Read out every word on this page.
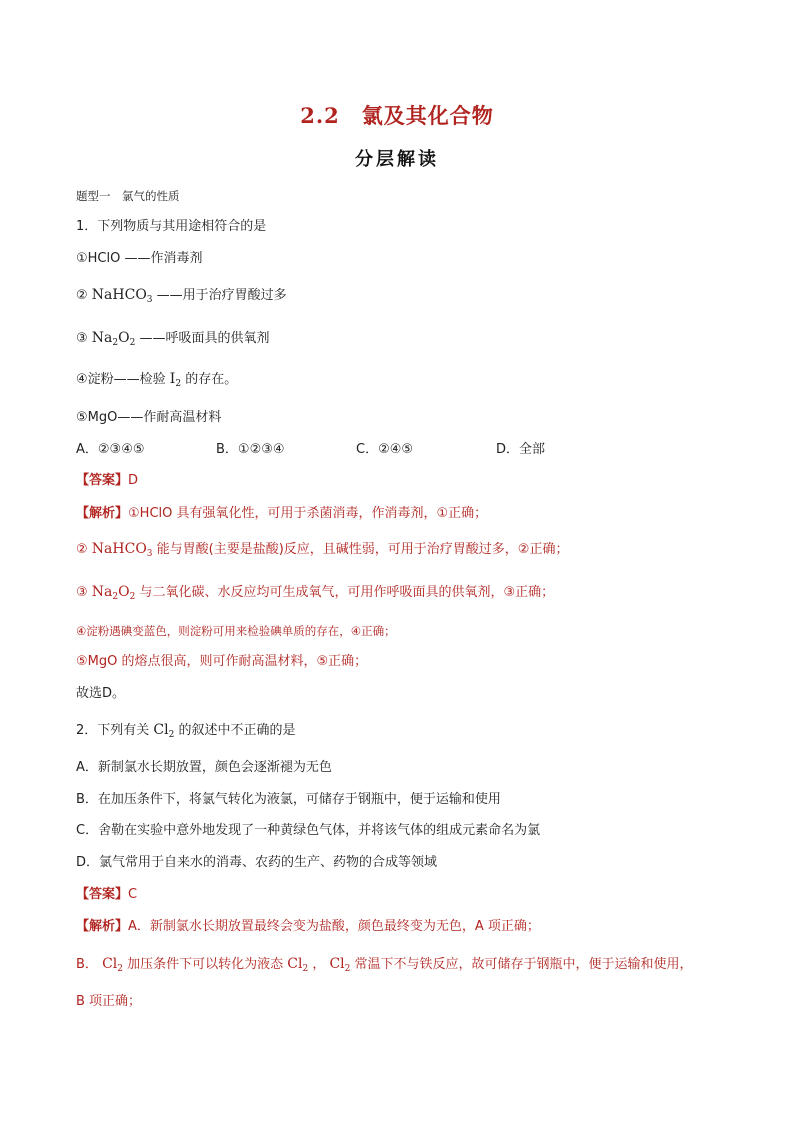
2.2 氯及其化合物
分层解读
题型一　氯气的性质
1．下列物质与其用途相符合的是
①HClO ——作消毒剂
② NaHCO$_3$ ——用于治疗胃酸过多
③ $Na_2O_2$ ——呼吸面具的供氧剂
④淀粉——检验 $I_2$ 的存在。
⑤MgO——作耐高温材料
A．②③④⑤	B．①②③④	C．②④⑤	D．全部
【答案】D
【解析】①HClO 具有强氧化性，可用于杀菌消毒，作消毒剂，①正确；
② NaHCO$_3$ 能与胃酸(主要是盐酸)反应，且碱性弱，可用于治疗胃酸过多，②正确；
③ $Na_2O_2$ 与二氧化碳、水反应均可生成氧气，可用作呼吸面具的供氧剂，③正确；
④淀粉遇碘变蓝色，则淀粉可用来检验碘单质的存在，④正确；
⑤MgO 的熔点很高，则可作耐高温材料，⑤正确；
故选D。
2．下列有关 $Cl_2$ 的叙述中不正确的是
A．新制氯水长期放置，颜色会逐渐褪为无色
B．在加压条件下，将氯气转化为液氯，可储存于钢瓶中，便于运输和使用
C．舍勒在实验中意外地发现了一种黄绿色气体，并将该气体的组成元素命名为氯
D．氯气常用于自来水的消毒、农药的生产、药物的合成等领域
【答案】C
【解析】A．新制氯水长期放置最终会变为盐酸，颜色最终变为无色，A 项正确；
B． $Cl_2$ 加压条件下可以转化为液态 $Cl_2$ ， $Cl_2$ 常温下不与铁反应，故可储存于钢瓶中，便于运输和使用，
B 项正确；
